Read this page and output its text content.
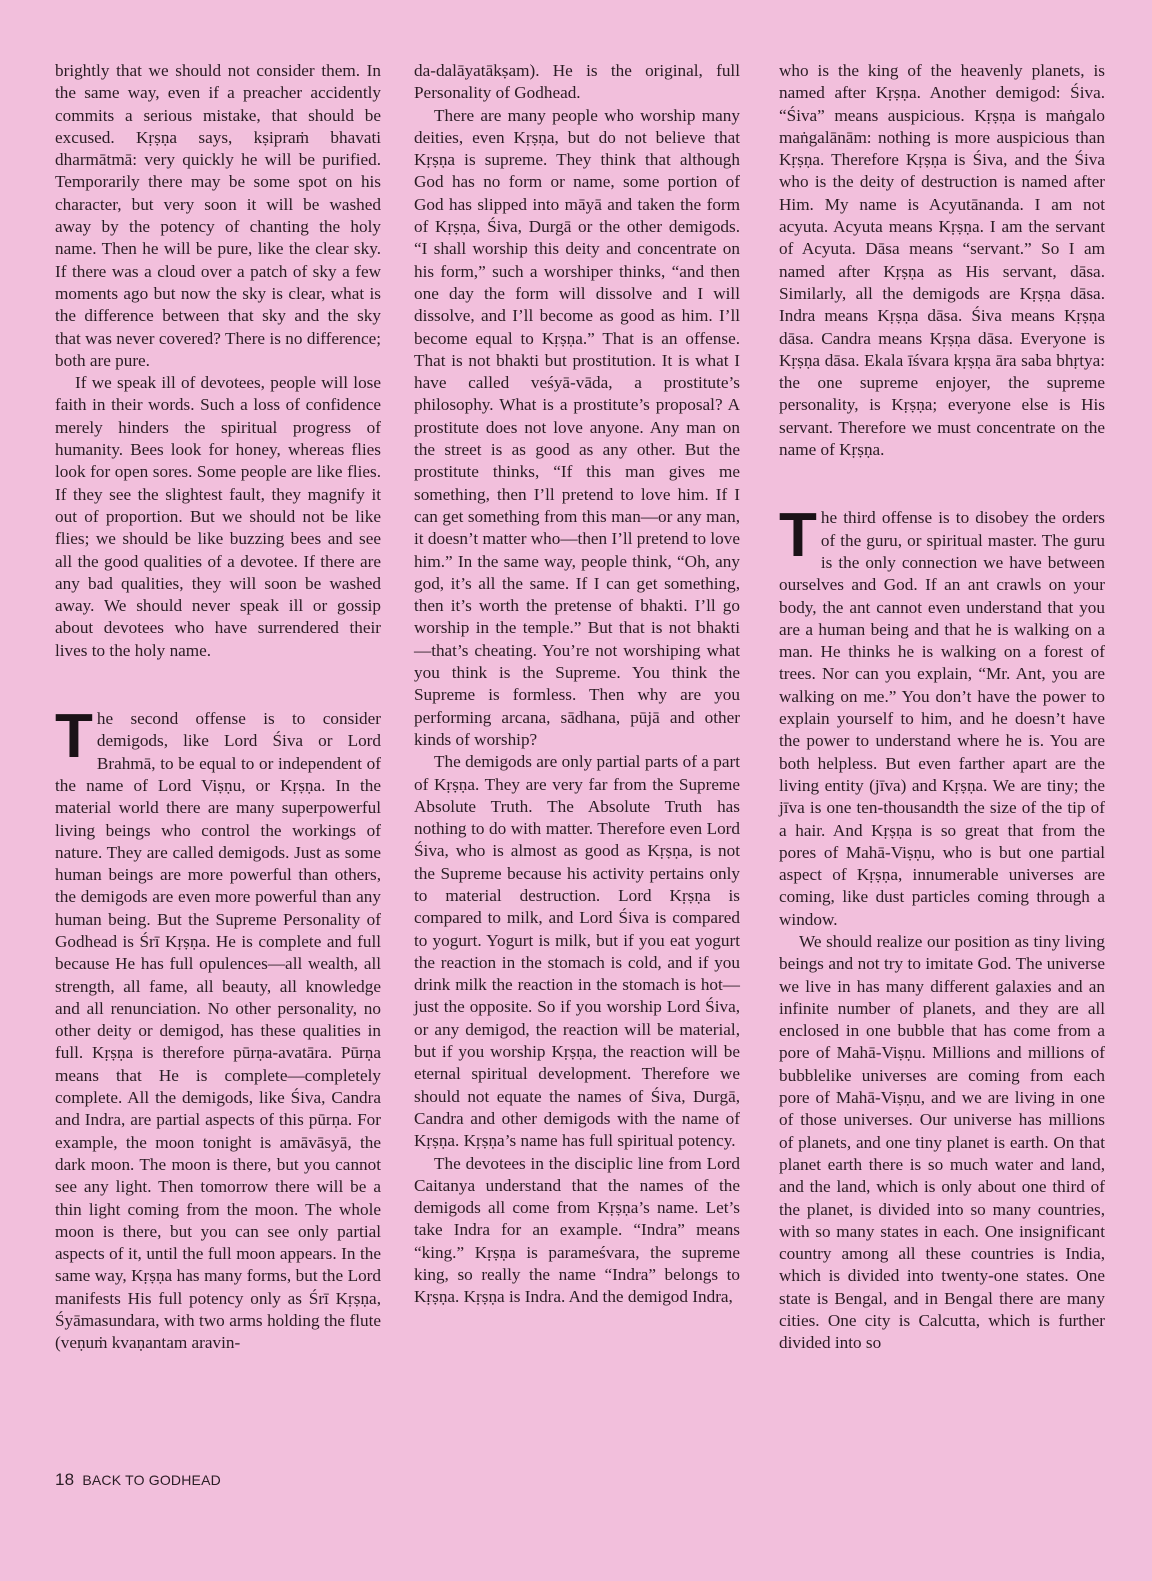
brightly that we should not consider them. In the same way, even if a preacher accidently commits a serious mistake, that should be excused. Kṛṣṇa says, kṣipraṁ bhavati dharmātmā: very quickly he will be purified. Temporarily there may be some spot on his character, but very soon it will be washed away by the potency of chanting the holy name. Then he will be pure, like the clear sky. If there was a cloud over a patch of sky a few moments ago but now the sky is clear, what is the difference between that sky and the sky that was never covered? There is no difference; both are pure.

If we speak ill of devotees, people will lose faith in their words. Such a loss of confidence merely hinders the spiritual progress of humanity. Bees look for honey, whereas flies look for open sores. Some people are like flies. If they see the slightest fault, they magnify it out of proportion. But we should not be like flies; we should be like buzzing bees and see all the good qualities of a devotee. If there are any bad qualities, they will soon be washed away. We should never speak ill or gossip about devotees who have surrendered their lives to the holy name.

The second offense is to consider demigods, like Lord Śiva or Lord Brahmā, to be equal to or independent of the name of Lord Viṣṇu, or Kṛṣṇa. In the material world there are many superpowerful living beings who control the workings of nature. They are called demigods. Just as some human beings are more powerful than others, the demigods are even more powerful than any human being. But the Supreme Personality of Godhead is Śrī Kṛṣṇa. He is complete and full because He has full opulences—all wealth, all strength, all fame, all beauty, all knowledge and all renunciation. No other personality, no other deity or demigod, has these qualities in full. Kṛṣṇa is therefore pūrṇa-avatāra. Pūrṇa means that He is complete—completely complete. All the demigods, like Śiva, Candra and Indra, are partial aspects of this pūrṇa. For example, the moon tonight is amāvāsyā, the dark moon. The moon is there, but you cannot see any light. Then tomorrow there will be a thin light coming from the moon. The whole moon is there, but you can see only partial aspects of it, until the full moon appears. In the same way, Kṛṣṇa has many forms, but the Lord manifests His full potency only as Śrī Kṛṣṇa, Śyāmasundara, with two arms holding the flute (veṇuṁ kvaṇantam aravin-

da-dalāyatākṣam). He is the original, full Personality of Godhead.

There are many people who worship many deities, even Kṛṣṇa, but do not believe that Kṛṣṇa is supreme. They think that although God has no form or name, some portion of God has slipped into māyā and taken the form of Kṛṣṇa, Śiva, Durgā or the other demigods. “I shall worship this deity and concentrate on his form,” such a worshiper thinks, “and then one day the form will dissolve and I will dissolve, and I’ll become as good as him. I’ll become equal to Kṛṣṇa.” That is an offense. That is not bhakti but prostitution. It is what I have called veśyā-vāda, a prostitute’s philosophy. What is a prostitute’s proposal? A prostitute does not love anyone. Any man on the street is as good as any other. But the prostitute thinks, “If this man gives me something, then I’ll pretend to love him. If I can get something from this man—or any man, it doesn’t matter who—then I’ll pretend to love him.” In the same way, people think, “Oh, any god, it’s all the same. If I can get something, then it’s worth the pretense of bhakti. I’ll go worship in the temple.” But that is not bhakti—that’s cheating. You’re not worshiping what you think is the Supreme. You think the Supreme is formless. Then why are you performing arcana, sādhana, pūjā and other kinds of worship?

The demigods are only partial parts of a part of Kṛṣṇa. They are very far from the Supreme Absolute Truth. The Absolute Truth has nothing to do with matter. Therefore even Lord Śiva, who is almost as good as Kṛṣṇa, is not the Supreme because his activity pertains only to material destruction. Lord Kṛṣṇa is compared to milk, and Lord Śiva is compared to yogurt. Yogurt is milk, but if you eat yogurt the reaction in the stomach is cold, and if you drink milk the reaction in the stomach is hot—just the opposite. So if you worship Lord Śiva, or any demigod, the reaction will be material, but if you worship Kṛṣṇa, the reaction will be eternal spiritual development. Therefore we should not equate the names of Śiva, Durgā, Candra and other demigods with the name of Kṛṣṇa. Kṛṣṇa’s name has full spiritual potency.

The devotees in the disciplic line from Lord Caitanya understand that the names of the demigods all come from Kṛṣṇa’s name. Let’s take Indra for an example. “Indra” means “king.” Kṛṣṇa is parameśvara, the supreme king, so really the name “Indra” belongs to Kṛṣṇa. Kṛṣṇa is Indra. And the demigod Indra,

who is the king of the heavenly planets, is named after Kṛṣṇa. Another demigod: Śiva. “Śiva” means auspicious. Kṛṣṇa is maṅgalo maṅgalānām: nothing is more auspicious than Kṛṣṇa. Therefore Kṛṣṇa is Śiva, and the Śiva who is the deity of destruction is named after Him. My name is Acyutānanda. I am not acyuta. Acyuta means Kṛṣṇa. I am the servant of Acyuta. Dāsa means “servant.” So I am named after Kṛṣṇa as His servant, dāsa. Similarly, all the demigods are Kṛṣṇa dāsa. Indra means Kṛṣṇa dāsa. Śiva means Kṛṣṇa dāsa. Candra means Kṛṣṇa dāsa. Everyone is Kṛṣṇa dāsa. Ekala īśvara kṛṣṇa āra saba bhṛtya: the one supreme enjoyer, the supreme personality, is Kṛṣṇa; everyone else is His servant. Therefore we must concentrate on the name of Kṛṣṇa.

The third offense is to disobey the orders of the guru, or spiritual master. The guru is the only connection we have between ourselves and God. If an ant crawls on your body, the ant cannot even understand that you are a human being and that he is walking on a man. He thinks he is walking on a forest of trees. Nor can you explain, “Mr. Ant, you are walking on me.” You don’t have the power to explain yourself to him, and he doesn’t have the power to understand where he is. You are both helpless. But even farther apart are the living entity (jīva) and Kṛṣṇa. We are tiny; the jīva is one ten-thousandth the size of the tip of a hair. And Kṛṣṇa is so great that from the pores of Mahā-Viṣṇu, who is but one partial aspect of Kṛṣṇa, innumerable universes are coming, like dust particles coming through a window.

We should realize our position as tiny living beings and not try to imitate God. The universe we live in has many different galaxies and an infinite number of planets, and they are all enclosed in one bubble that has come from a pore of Mahā-Viṣṇu. Millions and millions of bubblelike universes are coming from each pore of Mahā-Viṣṇu, and we are living in one of those universes. Our universe has millions of planets, and one tiny planet is earth. On that planet earth there is so much water and land, and the land, which is only about one third of the planet, is divided into so many countries, with so many states in each. One insignificant country among all these countries is India, which is divided into twenty-one states. One state is Bengal, and in Bengal there are many cities. One city is Calcutta, which is further divided into so

18 BACK TO GODHEAD
